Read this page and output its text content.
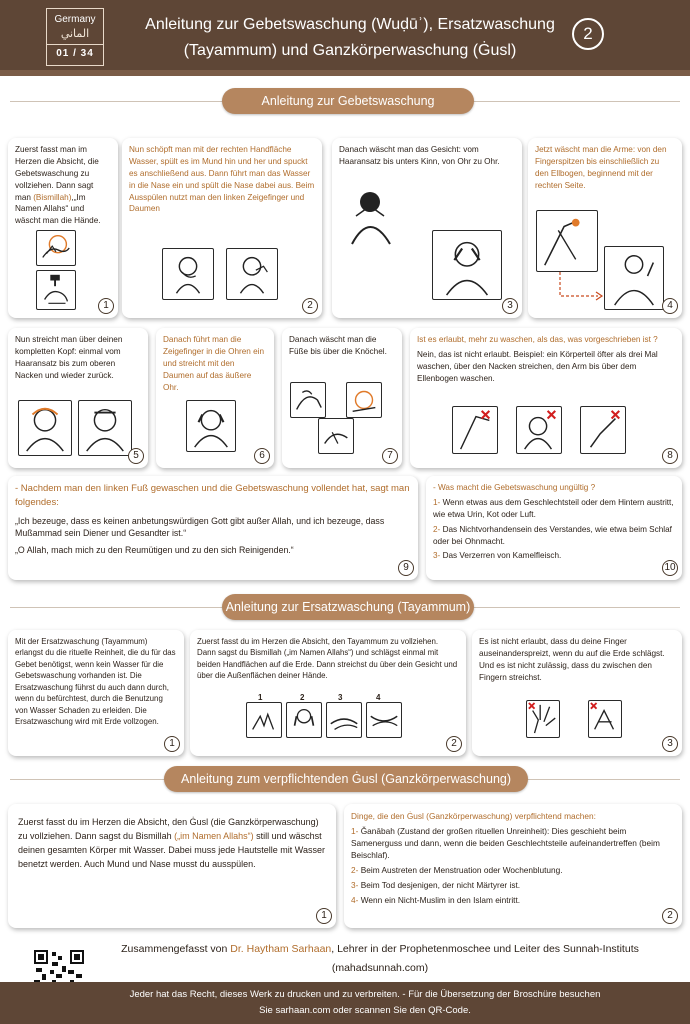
Germany
الماني
01 / 34
Anleitung zur Gebetswaschung (Wuḍūʾ), Ersatzwaschung (Tayammum) und Ganzkörperwaschung (Ġusl)
2
Anleitung zur Gebetswaschung
Zuerst fasst man im Herzen die Absicht, die Gebetswaschung zu vollziehen. Dann sagt man (Bismillah),„Im Namen Allahs“ und wäscht man die Hände.
1
Nun schöpft man mit der rechten Handfläche Wasser, spült es im Mund hin und her und spuckt es anschließend aus. Dann führt man das Wasser in die Nase ein und spült die Nase dabei aus. Beim Ausspülen nutzt man den linken Zeigefinger und Daumen
2
Danach wäscht man das Gesicht: vom Haaransatz bis unters Kinn, von Ohr zu Ohr.
3
Jetzt wäscht man die Arme: von den Fingerspitzen bis einschließlich zu den Ellbogen, beginnend mit der rechten Seite.
4
Nun streicht man über deinen kompletten Kopf: einmal vom Haaransatz bis zum oberen Nacken und wieder zurück.
5
Danach führt man die Zeigefinger in die Ohren ein und streicht mit den Daumen auf das äußere Ohr.
6
Danach wäscht man die Füße bis über die Knöchel.
7
Ist es erlaubt, mehr zu waschen, als das, was vorgeschrieben ist ?
Nein, das ist nicht erlaubt. Beispiel: ein Körperteil öfter als drei Mal waschen, über den Nacken streichen, den Arm bis über dem Ellenbogen waschen.
8
- Nachdem man den linken Fuß gewaschen und die Gebetswaschung vollendet hat, sagt man folgendes:
„Ich bezeuge, dass es keinen anbetungswürdigen Gott gibt außer Allah, und ich bezeuge, dass Mußammad sein Diener und Gesandter ist.“
„O Allah, mach mich zu den Reumütigen und zu den sich Reinigenden.“
9
- Was macht die Gebetswaschung ungültig ?
1- Wenn etwas aus dem Geschlechtsteil oder dem Hintern austritt, wie etwa Urin, Kot oder Luft.
2- Das Nichtvorhandensein des Verstandes, wie etwa beim Schlaf oder bei Ohnmacht.
3- Das Verzerren von Kamelfleisch.
10
Anleitung zur Ersatzwaschung (Tayammum)
Mit der Ersatzwaschung (Tayammum) erlangst du die rituelle Reinheit, die du für das Gebet benötigst, wenn kein Wasser für die Gebetswaschung vorhanden ist. Die Ersatzwaschung führst du auch dann durch, wenn du befürchtest, durch die Benutzung von Wasser Schaden zu erleiden. Die Ersatzwaschung wird mit Erde vollzogen.
1
Zuerst fasst du im Herzen die Absicht, den Tayammum zu vollziehen. Dann sagst du Bismillah („im Namen Allahs“) und schlägst einmal mit beiden Handflächen auf die Erde. Dann streichst du über dein Gesicht und über die Außenflächen deiner Hände.
1	2	3	4
2
Es ist nicht erlaubt, dass du deine Finger auseinanderspreizt, wenn du auf die Erde schlägst. Und es ist nicht zulässig, dass du zwischen den Fingern streichst.
3
Anleitung zum verpflichtenden Ġusl (Ganzkörperwaschung)
Zuerst fasst du im Herzen die Absicht, den Ġusl (die Ganzkörperwaschung) zu vollziehen. Dann sagst du Bismillah („im Namen Allahs“) still und wäschst deinen gesamten Körper mit Wasser. Dabei muss jede Hautstelle mit Wasser benetzt werden. Auch Mund und Nase musst du ausspülen.
1
Dinge, die den Ġusl (Ganzkörperwaschung) verpflichtend machen:
1- Ǧanābah (Zustand der großen rituellen Unreinheit): Dies geschieht beim Samenerguss und dann, wenn die beiden Geschlechtsteile aufeinandertreffen (beim Beischlaf).
2- Beim Austreten der Menstruation oder Wochenblutung.
3- Beim Tod desjenigen, der nicht Märtyrer ist.
4- Wenn ein Nicht-Muslim in den Islam eintritt.
2
Zusammengefasst von Dr. Haytham Sarhaan, Lehrer in der Prophetenmoschee und Leiter des Sunnah-Instituts
(mahadsunnah.com)
Jeder hat das Recht, dieses Werk zu drucken und zu verbreiten. - Für die Übersetzung der Broschüre besuchen
Sie sarhaan.com oder scannen Sie den QR-Code.
